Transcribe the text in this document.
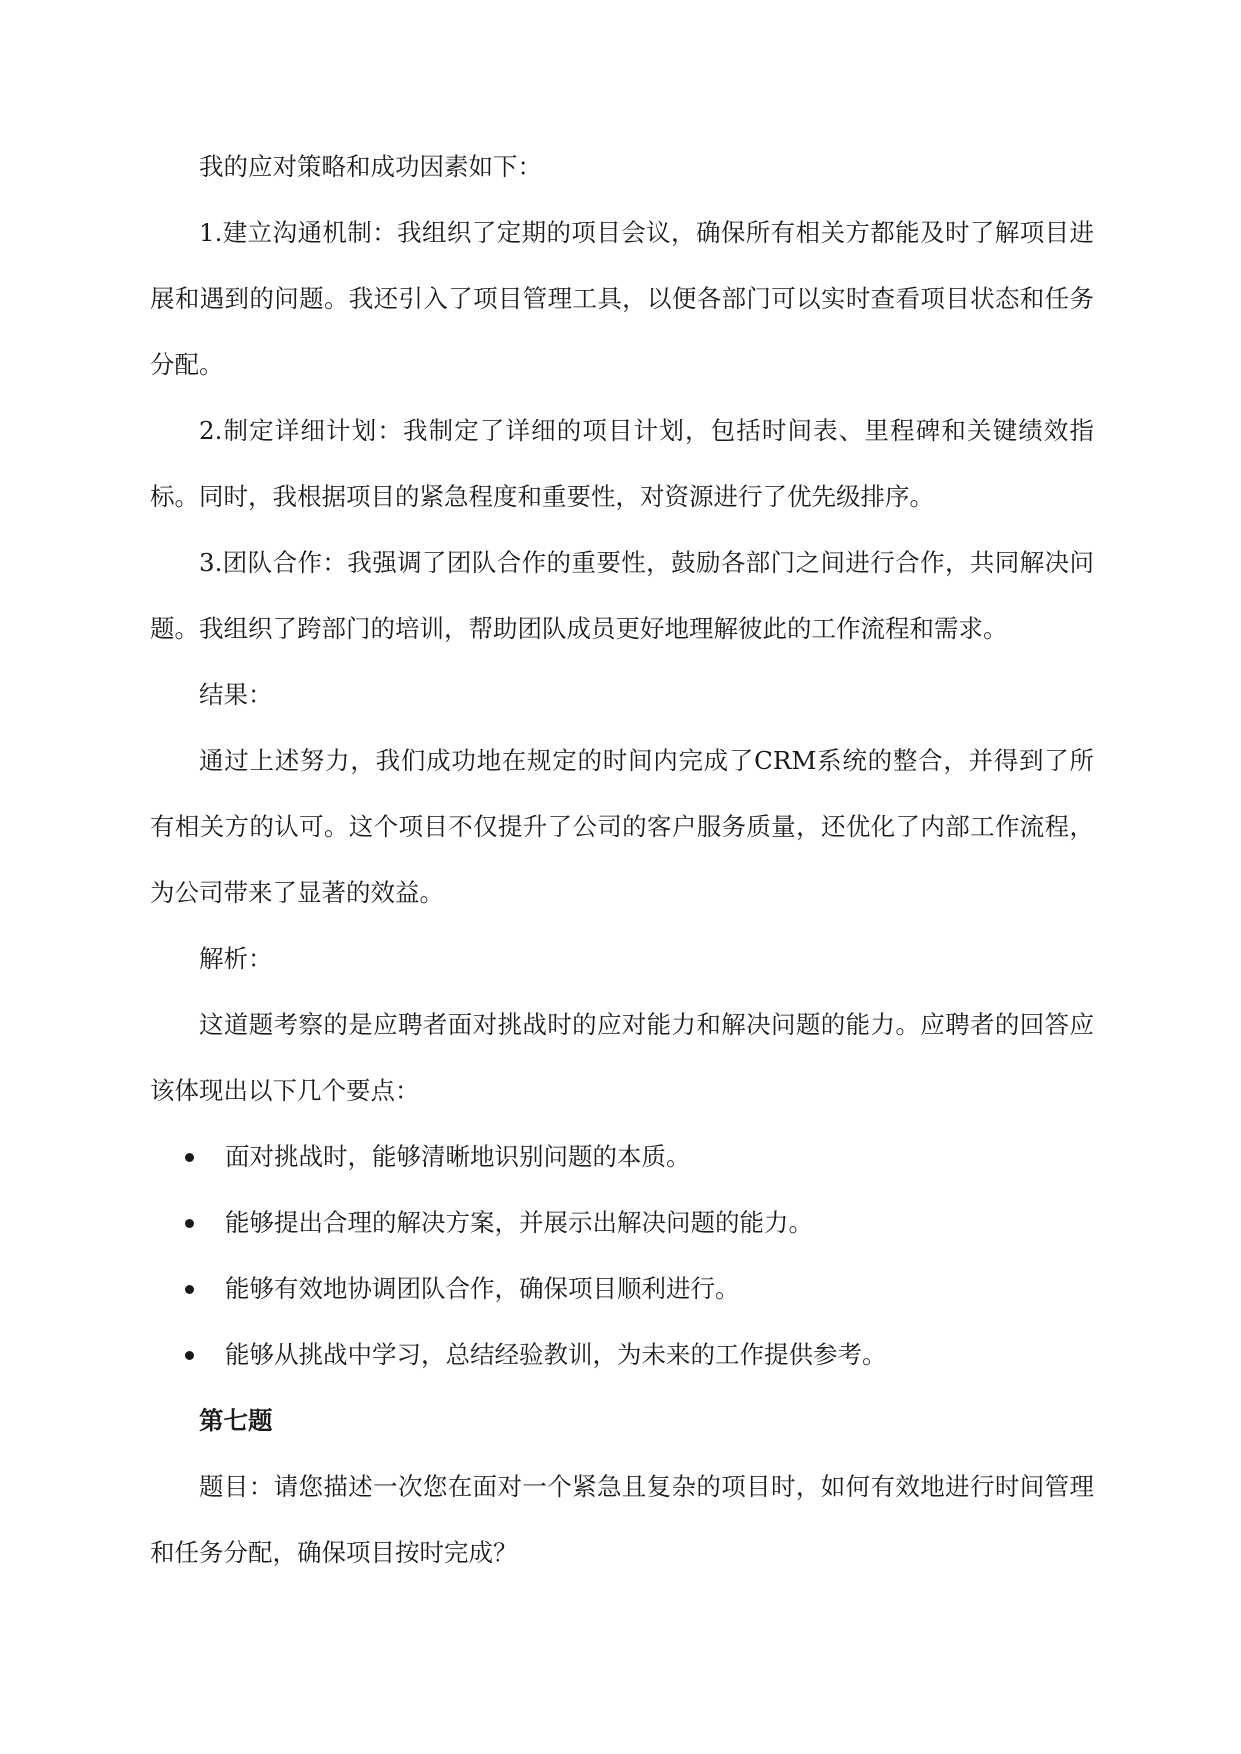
我的应对策略和成功因素如下：

1.建立沟通机制：我组织了定期的项目会议，确保所有相关方都能及时了解项目进展和遇到的问题。我还引入了项目管理工具，以便各部门可以实时查看项目状态和任务分配。

2.制定详细计划：我制定了详细的项目计划，包括时间表、里程碑和关键绩效指标。同时，我根据项目的紧急程度和重要性，对资源进行了优先级排序。

3.团队合作：我强调了团队合作的重要性，鼓励各部门之间进行合作，共同解决问题。我组织了跨部门的培训，帮助团队成员更好地理解彼此的工作流程和需求。

结果：

通过上述努力，我们成功地在规定的时间内完成了CRM系统的整合，并得到了所有相关方的认可。这个项目不仅提升了公司的客户服务质量，还优化了内部工作流程，为公司带来了显著的效益。

解析：

这道题考察的是应聘者面对挑战时的应对能力和解决问题的能力。应聘者的回答应该体现出以下几个要点：

面对挑战时，能够清晰地识别问题的本质。
能够提出合理的解决方案，并展示出解决问题的能力。
能够有效地协调团队合作，确保项目顺利进行。
能够从挑战中学习，总结经验教训，为未来的工作提供参考。

第七题

题目：请您描述一次您在面对一个紧急且复杂的项目时，如何有效地进行时间管理和任务分配，确保项目按时完成？
